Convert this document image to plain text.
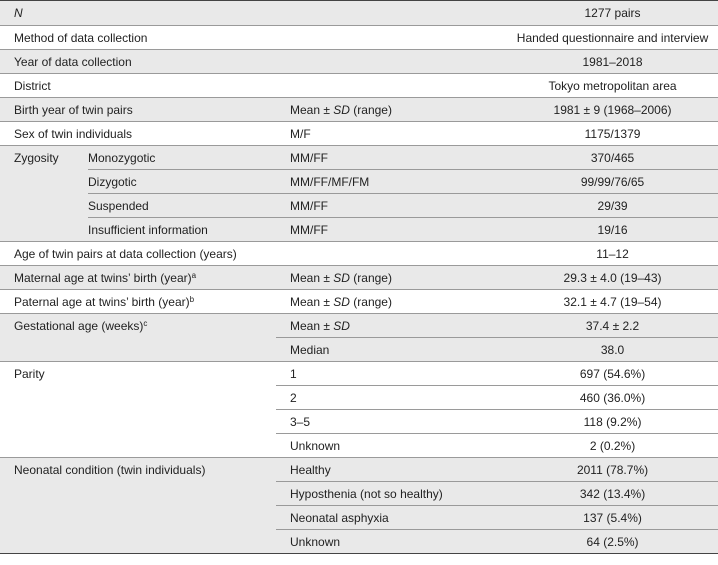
N			1277 pairs
Method of data collection			Handed questionnaire and interview
Year of data collection			1981–2018
District			Tokyo metropolitan area
Birth year of twin pairs		Mean ± SD (range)	1981 ± 9 (1968–2006)
Sex of twin individuals		M/F	1175/1379
Zygosity	Monozygotic	MM/FF	370/465
	Dizygotic	MM/FF/MF/FM	99/99/76/65
	Suspended	MM/FF	29/39
	Insufficient information	MM/FF	19/16
Age of twin pairs at data collection (years)			11–12
Maternal age at twins’ birth (year)$^a$		Mean ± SD (range)	29.3 ± 4.0 (19–43)
Paternal age at twins’ birth (year)$^b$		Mean ± SD (range)	32.1 ± 4.7 (19–54)
Gestational age (weeks)$^c$		Mean ± SD	37.4 ± 2.2
		Median	38.0
Parity		1	697 (54.6%)
		2	460 (36.0%)
		3–5	118 (9.2%)
		Unknown	2 (0.2%)
Neonatal condition (twin individuals)		Healthy	2011 (78.7%)
		Hyposthenia (not so healthy)	342 (13.4%)
		Neonatal asphyxia	137 (5.4%)
		Unknown	64 (2.5%)
